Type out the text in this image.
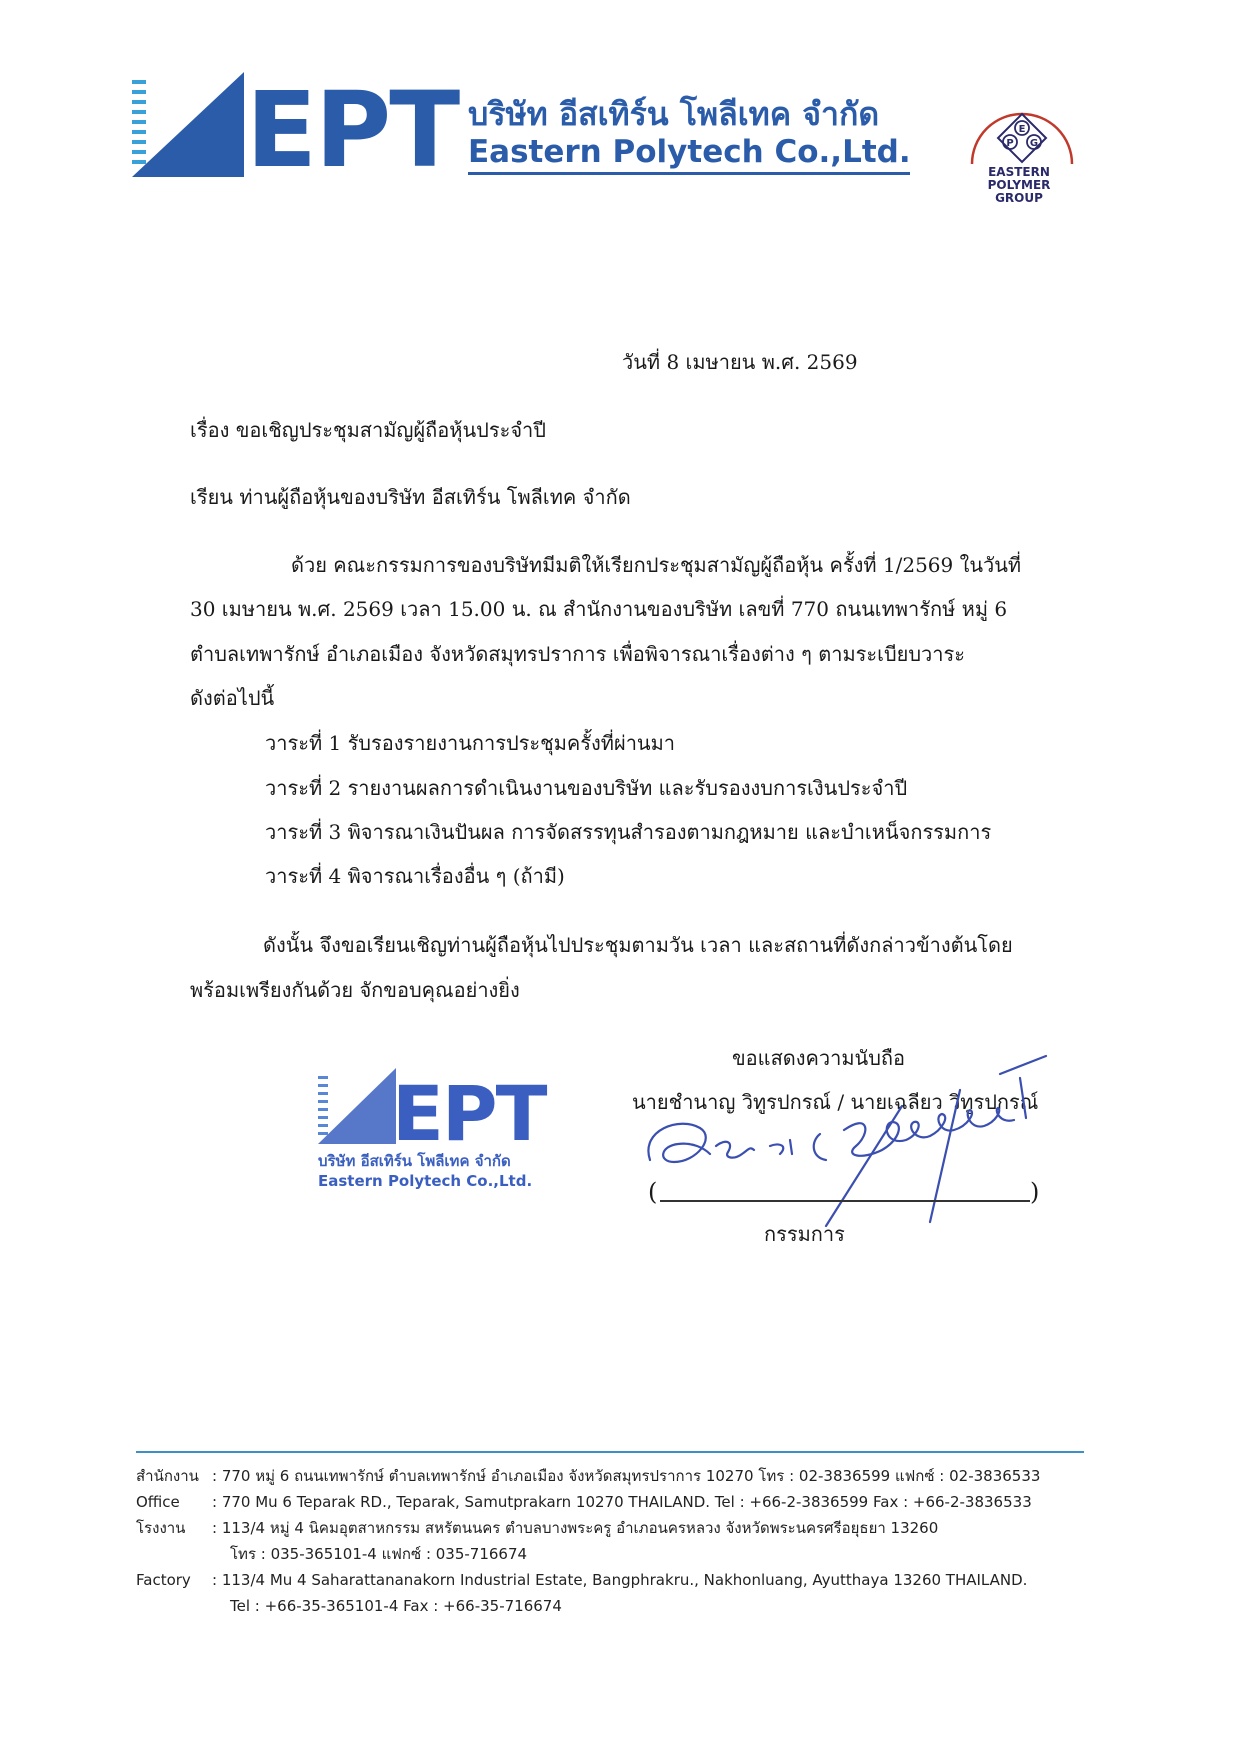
EPT บริษัท อีสเทิร์น โพลีเทค จำกัด
Eastern Polytech Co.,Ltd.
E
P G
EASTERN POLYMER
GROUP
วันที่ 8 เมษายน พ.ศ. 2569
เรื่อง ขอเชิญประชุมสามัญผู้ถือหุ้นประจำปี
เรียน ท่านผู้ถือหุ้นของบริษัท อีสเทิร์น โพลีเทค จำกัด
ด้วย คณะกรรมการของบริษัทมีมติให้เรียกประชุมสามัญผู้ถือหุ้น ครั้งที่ 1/2569 ในวันที่
30 เมษายน พ.ศ. 2569 เวลา 15.00 น. ณ สำนักงานของบริษัท เลขที่ 770 ถนนเทพารักษ์ หมู่ 6
ตำบลเทพารักษ์ อำเภอเมือง จังหวัดสมุทรปราการ เพื่อพิจารณาเรื่องต่าง ๆ ตามระเบียบวาระ
ดังต่อไปนี้
วาระที่ 1 รับรองรายงานการประชุมครั้งที่ผ่านมา
วาระที่ 2 รายงานผลการดำเนินงานของบริษัท และรับรองงบการเงินประจำปี
วาระที่ 3 พิจารณาเงินปันผล การจัดสรรทุนสำรองตามกฎหมาย และบำเหน็จกรรมการ
วาระที่ 4 พิจารณาเรื่องอื่น ๆ (ถ้ามี)
ดังนั้น จึงขอเรียนเชิญท่านผู้ถือหุ้นไปประชุมตามวัน เวลา และสถานที่ดังกล่าวข้างต้นโดย
พร้อมเพรียงกันด้วย จักขอบคุณอย่างยิ่ง
ขอแสดงความนับถือ
นายชำนาญ วิทูรปกรณ์ / นายเฉลียว วิทูรปกรณ์
EPT
บริษัท อีสเทิร์น โพลีเทค จำกัด
Eastern Polytech Co.,Ltd.	(	)
กรรมการ
สำนักงาน : 770 หมู่ 6 ถนนเทพารักษ์ ตำบลเทพารักษ์ อำเภอเมือง จังหวัดสมุทรปราการ 10270 โทร : 02-3836599 แฟกซ์ : 02-3836533
Office : 770 Mu 6 Teparak RD., Teparak, Samutprakarn 10270 THAILAND. Tel : +66-2-3836599 Fax : +66-2-3836533
โรงงาน : 113/4 หมู่ 4 นิคมอุตสาหกรรม สหรัตนนคร ตำบลบางพระครู อำเภอนครหลวง จังหวัดพระนครศรีอยุธยา 13260
โทร : 035-365101-4 แฟกซ์ : 035-716674
Factory : 113/4 Mu 4 Saharattananakorn Industrial Estate, Bangphrakru., Nakhonluang, Ayutthaya 13260 THAILAND.
Tel : +66-35-365101-4 Fax : +66-35-716674
